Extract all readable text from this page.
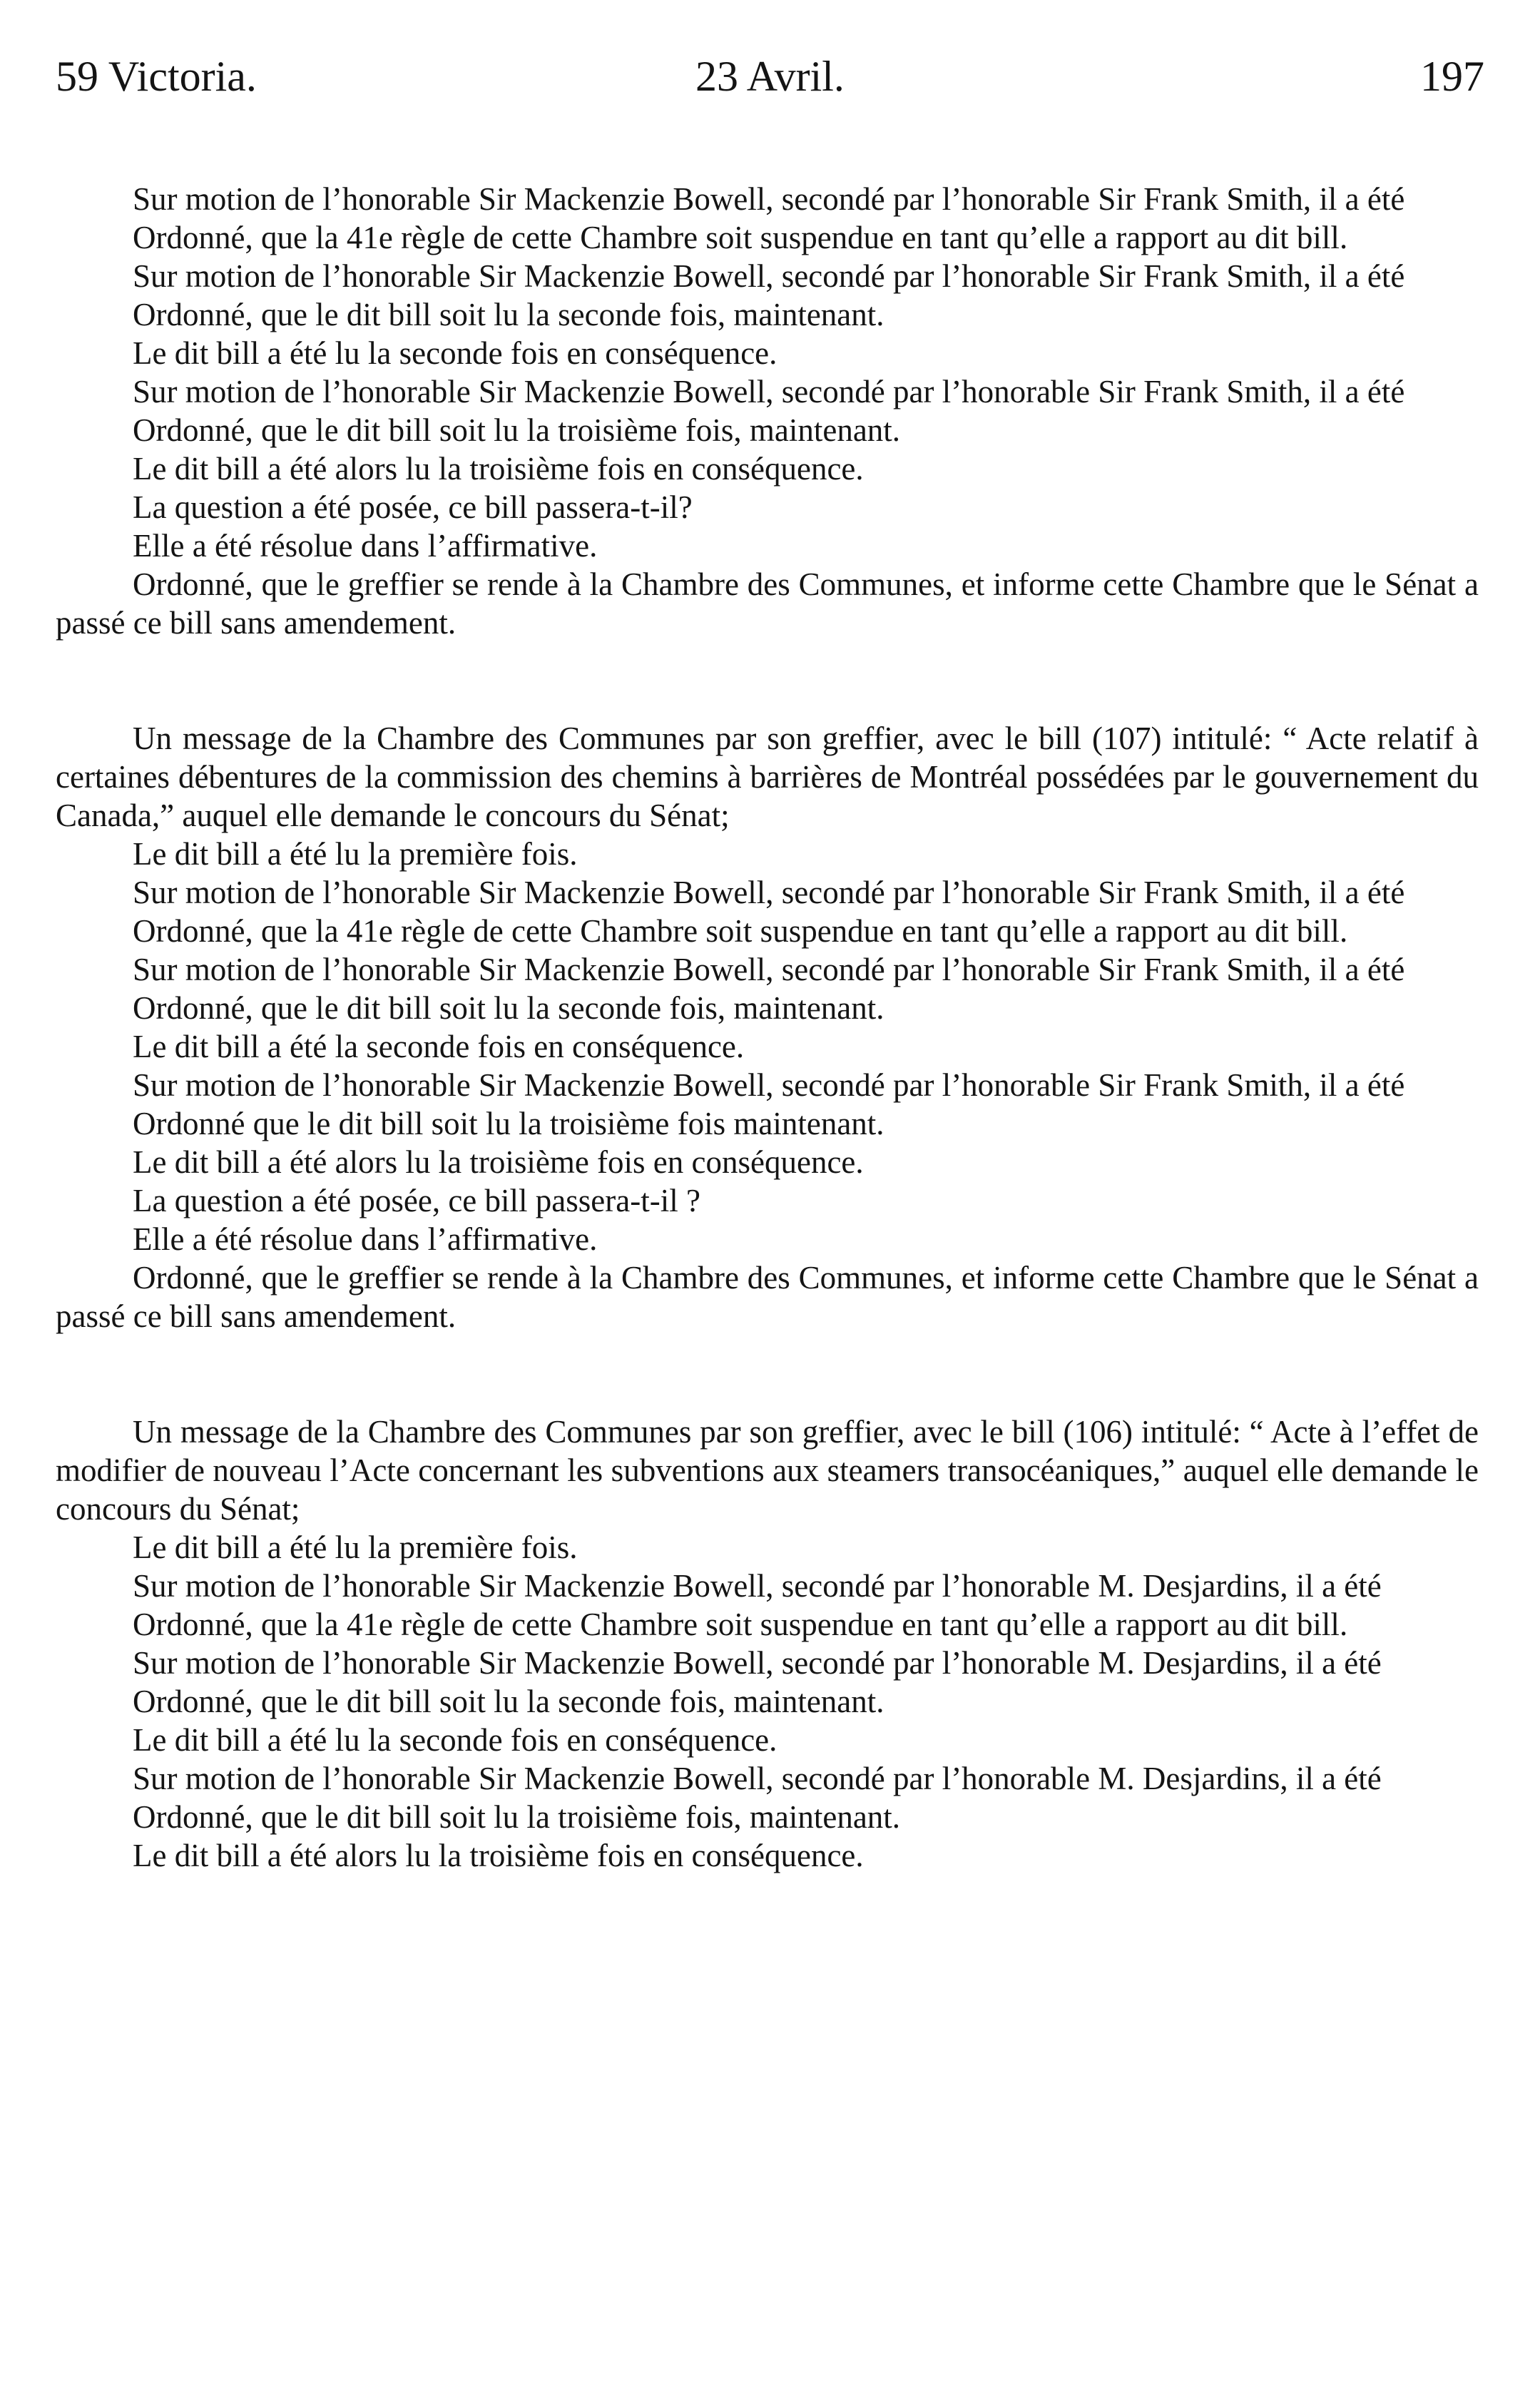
59 Victoria.	23 Avril.	197

Sur motion de l’honorable Sir Mackenzie Bowell, secondé par l’honorable Sir Frank Smith, il a été

Ordonné, que la 41e règle de cette Chambre soit suspendue en tant qu’elle a rapport au dit bill.

Sur motion de l’honorable Sir Mackenzie Bowell, secondé par l’honorable Sir Frank Smith, il a été

Ordonné, que le dit bill soit lu la seconde fois, maintenant.

Le dit bill a été lu la seconde fois en conséquence.

Sur motion de l’honorable Sir Mackenzie Bowell, secondé par l’honorable Sir Frank Smith, il a été

Ordonné, que le dit bill soit lu la troisième fois, maintenant.

Le dit bill a été alors lu la troisième fois en conséquence.

La question a été posée, ce bill passera-t-il?

Elle a été résolue dans l’affirmative.

Ordonné, que le greffier se rende à la Chambre des Communes, et informe cette Chambre que le Sénat a passé ce bill sans amendement.

Un message de la Chambre des Communes par son greffier, avec le bill (107) intitulé: “ Acte relatif à certaines débentures de la commission des chemins à barrières de Montréal possédées par le gouvernement du Canada,” auquel elle demande le concours du Sénat;

Le dit bill a été lu la première fois.

Sur motion de l’honorable Sir Mackenzie Bowell, secondé par l’honorable Sir Frank Smith, il a été

Ordonné, que la 41e règle de cette Chambre soit suspendue en tant qu’elle a rapport au dit bill.

Sur motion de l’honorable Sir Mackenzie Bowell, secondé par l’honorable Sir Frank Smith, il a été

Ordonné, que le dit bill soit lu la seconde fois, maintenant.

Le dit bill a été la seconde fois en conséquence.

Sur motion de l’honorable Sir Mackenzie Bowell, secondé par l’honorable Sir Frank Smith, il a été

Ordonné que le dit bill soit lu la troisième fois maintenant.

Le dit bill a été alors lu la troisième fois en conséquence.

La question a été posée, ce bill passera-t-il ?

Elle a été résolue dans l’affirmative.

Ordonné, que le greffier se rende à la Chambre des Communes, et informe cette Chambre que le Sénat a passé ce bill sans amendement.

Un message de la Chambre des Communes par son greffier, avec le bill (106) intitulé: “ Acte à l’effet de modifier de nouveau l’Acte concernant les subventions aux steamers transocéaniques,” auquel elle demande le concours du Sénat;

Le dit bill a été lu la première fois.

Sur motion de l’honorable Sir Mackenzie Bowell, secondé par l’honorable M. Desjardins, il a été

Ordonné, que la 41e règle de cette Chambre soit suspendue en tant qu’elle a rapport au dit bill.

Sur motion de l’honorable Sir Mackenzie Bowell, secondé par l’honorable M. Desjardins, il a été

Ordonné, que le dit bill soit lu la seconde fois, maintenant.

Le dit bill a été lu la seconde fois en conséquence.

Sur motion de l’honorable Sir Mackenzie Bowell, secondé par l’honorable M. Desjardins, il a été

Ordonné, que le dit bill soit lu la troisième fois, maintenant.

Le dit bill a été alors lu la troisième fois en conséquence.
